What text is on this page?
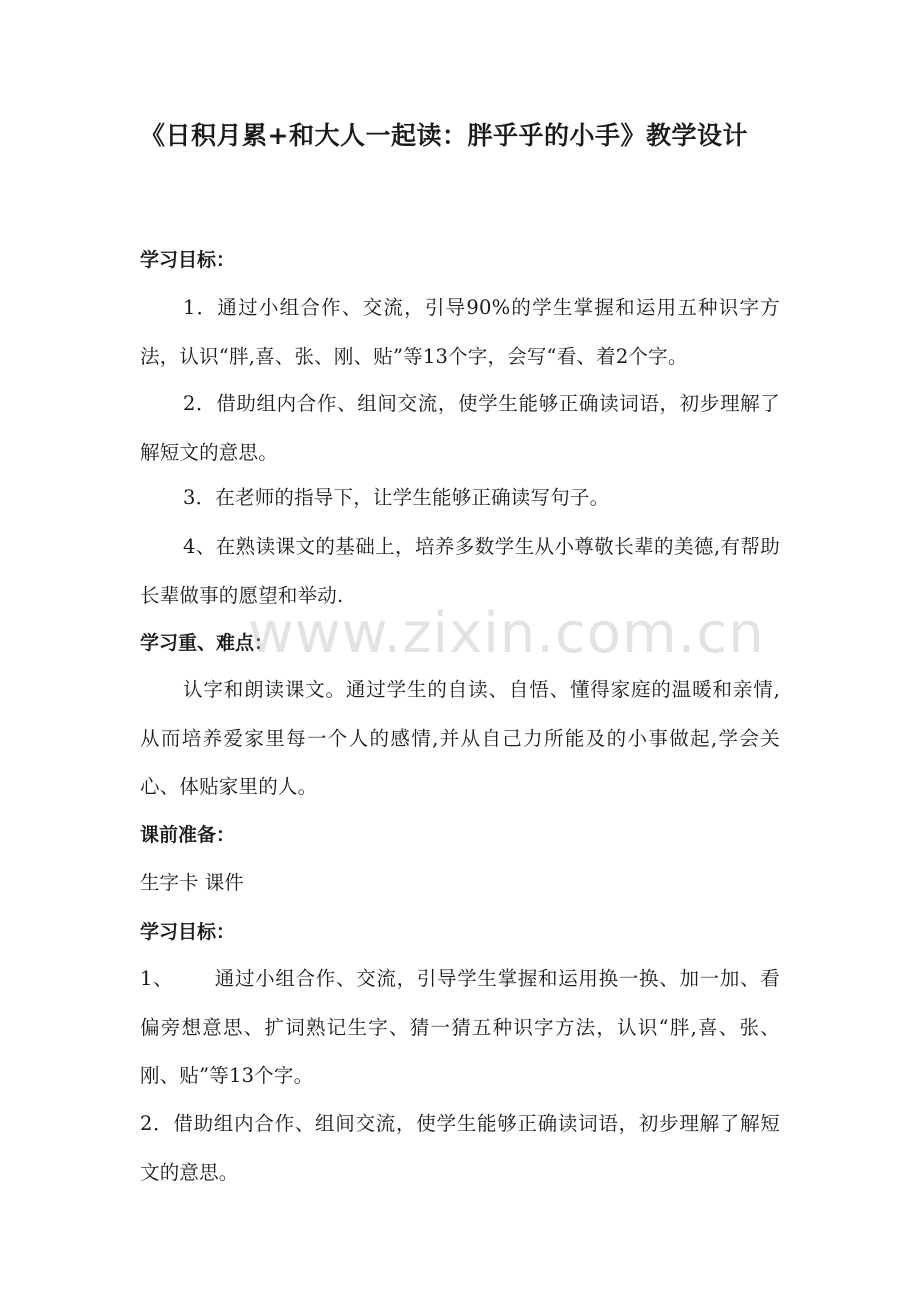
《日积月累+和大人一起读：胖乎乎的小手》教学设计
学习目标：
1．通过小组合作、交流，引导90%的学生掌握和运用五种识字方法，认识“胖,喜、张、刚、贴”等13个字，会写“看、着2个字。
2．借助组内合作、组间交流，使学生能够正确读词语，初步理解了解短文的意思。
3．在老师的指导下，让学生能够正确读写句子。
4、在熟读课文的基础上，培养多数学生从小尊敬长辈的美德,有帮助长辈做事的愿望和举动.
学习重、难点：
认字和朗读课文。通过学生的自读、自悟、懂得家庭的温暖和亲情,从而培养爱家里每一个人的感情,并从自己力所能及的小事做起,学会关心、体贴家里的人。
课前准备：
生字卡 课件
学习目标：
1、      通过小组合作、交流，引导学生掌握和运用换一换、加一加、看偏旁想意思、扩词熟记生字、猜一猜五种识字方法，认识“胖,喜、张、刚、贴”等13个字。
2．借助组内合作、组间交流，使学生能够正确读词语，初步理解了解短文的意思。
www.zixin.com.cn
